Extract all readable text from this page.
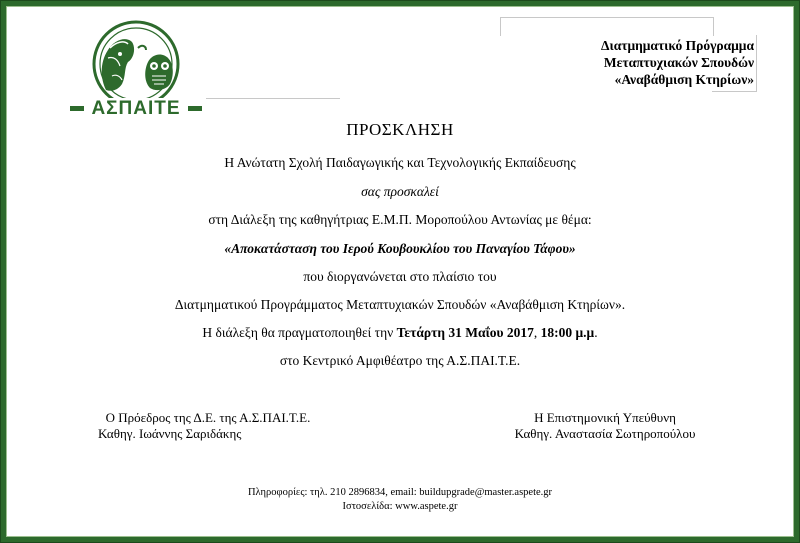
ΑΣΠΑΙΤΕ
Διατμηματικό Πρόγραμμα
Μεταπτυχιακών Σπουδών
«Αναβάθμιση Κτηρίων»
ΠΡΟΣΚΛΗΣΗ
Η Ανώτατη Σχολή Παιδαγωγικής και Τεχνολογικής Εκπαίδευσης
σας προσκαλεί
στη Διάλεξη της καθηγήτριας Ε.Μ.Π. Μοροπούλου Αντωνίας με θέμα:
«Αποκατάσταση του Ιερού Κουβουκλίου του Παναγίου Τάφου»
που διοργανώνεται στο πλαίσιο του
Διατμηματικού Προγράμματος Μεταπτυχιακών Σπουδών «Αναβάθμιση Κτηρίων».
Η διάλεξη θα πραγματοποιηθεί την Τετάρτη 31 Μαΐου 2017, 18:00 μ.μ.
στο Κεντρικό Αμφιθέατρο της Α.Σ.ΠΑΙ.Τ.Ε.
Ο Πρόεδρος της Δ.Ε. της Α.Σ.ΠΑΙ.Τ.Ε.
Καθηγ. Ιωάννης Σαριδάκης
Η Επιστημονική Υπεύθυνη
Καθηγ. Αναστασία Σωτηροπούλου
Πληροφορίες: τηλ. 210 2896834, email: buildupgrade@master.aspete.gr
Ιστοσελίδα: www.aspete.gr
